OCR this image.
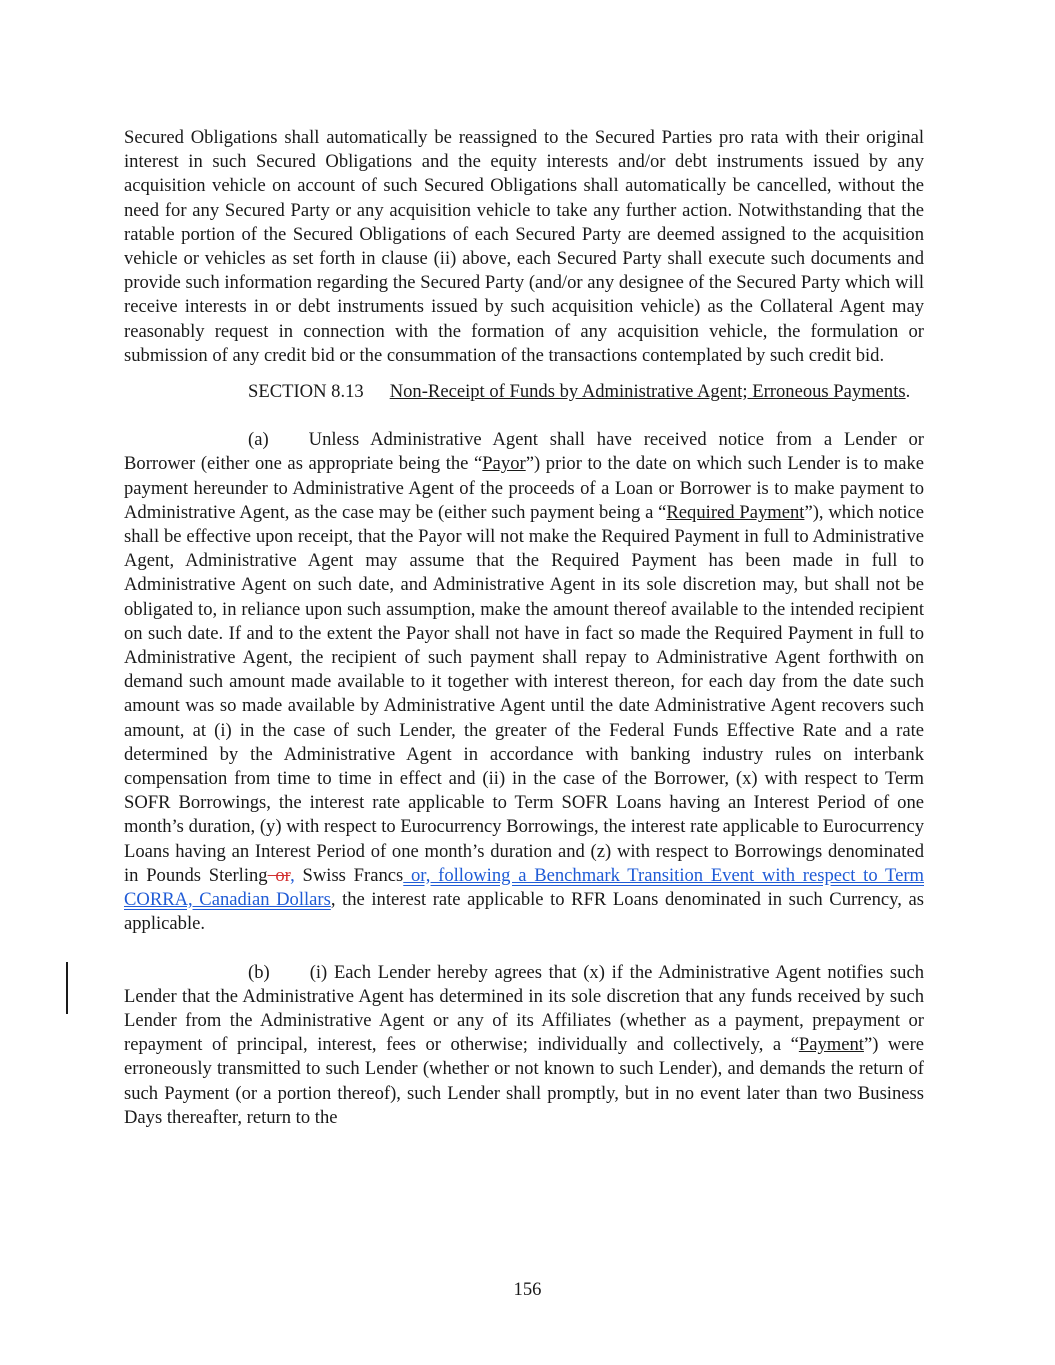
Secured Obligations shall automatically be reassigned to the Secured Parties pro rata with their original interest in such Secured Obligations and the equity interests and/or debt instruments issued by any acquisition vehicle on account of such Secured Obligations shall automatically be cancelled, without the need for any Secured Party or any acquisition vehicle to take any further action. Notwithstanding that the ratable portion of the Secured Obligations of each Secured Party are deemed assigned to the acquisition vehicle or vehicles as set forth in clause (ii) above, each Secured Party shall execute such documents and provide such information regarding the Secured Party (and/or any designee of the Secured Party which will receive interests in or debt instruments issued by such acquisition vehicle) as the Collateral Agent may reasonably request in connection with the formation of any acquisition vehicle, the formulation or submission of any credit bid or the consummation of the transactions contemplated by such credit bid.

SECTION 8.13 Non-Receipt of Funds by Administrative Agent; Erroneous Payments.

(a) Unless Administrative Agent shall have received notice from a Lender or Borrower (either one as appropriate being the “Payor”) prior to the date on which such Lender is to make payment hereunder to Administrative Agent of the proceeds of a Loan or Borrower is to make payment to Administrative Agent, as the case may be (either such payment being a “Required Payment”), which notice shall be effective upon receipt, that the Payor will not make the Required Payment in full to Administrative Agent, Administrative Agent may assume that the Required Payment has been made in full to Administrative Agent on such date, and Administrative Agent in its sole discretion may, but shall not be obligated to, in reliance upon such assumption, make the amount thereof available to the intended recipient on such date. If and to the extent the Payor shall not have in fact so made the Required Payment in full to Administrative Agent, the recipient of such payment shall repay to Administrative Agent forthwith on demand such amount made available to it together with interest thereon, for each day from the date such amount was so made available by Administrative Agent until the date Administrative Agent recovers such amount, at (i) in the case of such Lender, the greater of the Federal Funds Effective Rate and a rate determined by the Administrative Agent in accordance with banking industry rules on interbank compensation from time to time in effect and (ii) in the case of the Borrower, (x) with respect to Term SOFR Borrowings, the interest rate applicable to Term SOFR Loans having an Interest Period of one month’s duration, (y) with respect to Eurocurrency Borrowings, the interest rate applicable to Eurocurrency Loans having an Interest Period of one month’s duration and (z) with respect to Borrowings denominated in Pounds Sterling or, Swiss Francs or, following a Benchmark Transition Event with respect to Term CORRA, Canadian Dollars, the interest rate applicable to RFR Loans denominated in such Currency, as applicable.

(b) (i) Each Lender hereby agrees that (x) if the Administrative Agent notifies such Lender that the Administrative Agent has determined in its sole discretion that any funds received by such Lender from the Administrative Agent or any of its Affiliates (whether as a payment, prepayment or repayment of principal, interest, fees or otherwise; individually and collectively, a “Payment”) were erroneously transmitted to such Lender (whether or not known to such Lender), and demands the return of such Payment (or a portion thereof), such Lender shall promptly, but in no event later than two Business Days thereafter, return to the

156
